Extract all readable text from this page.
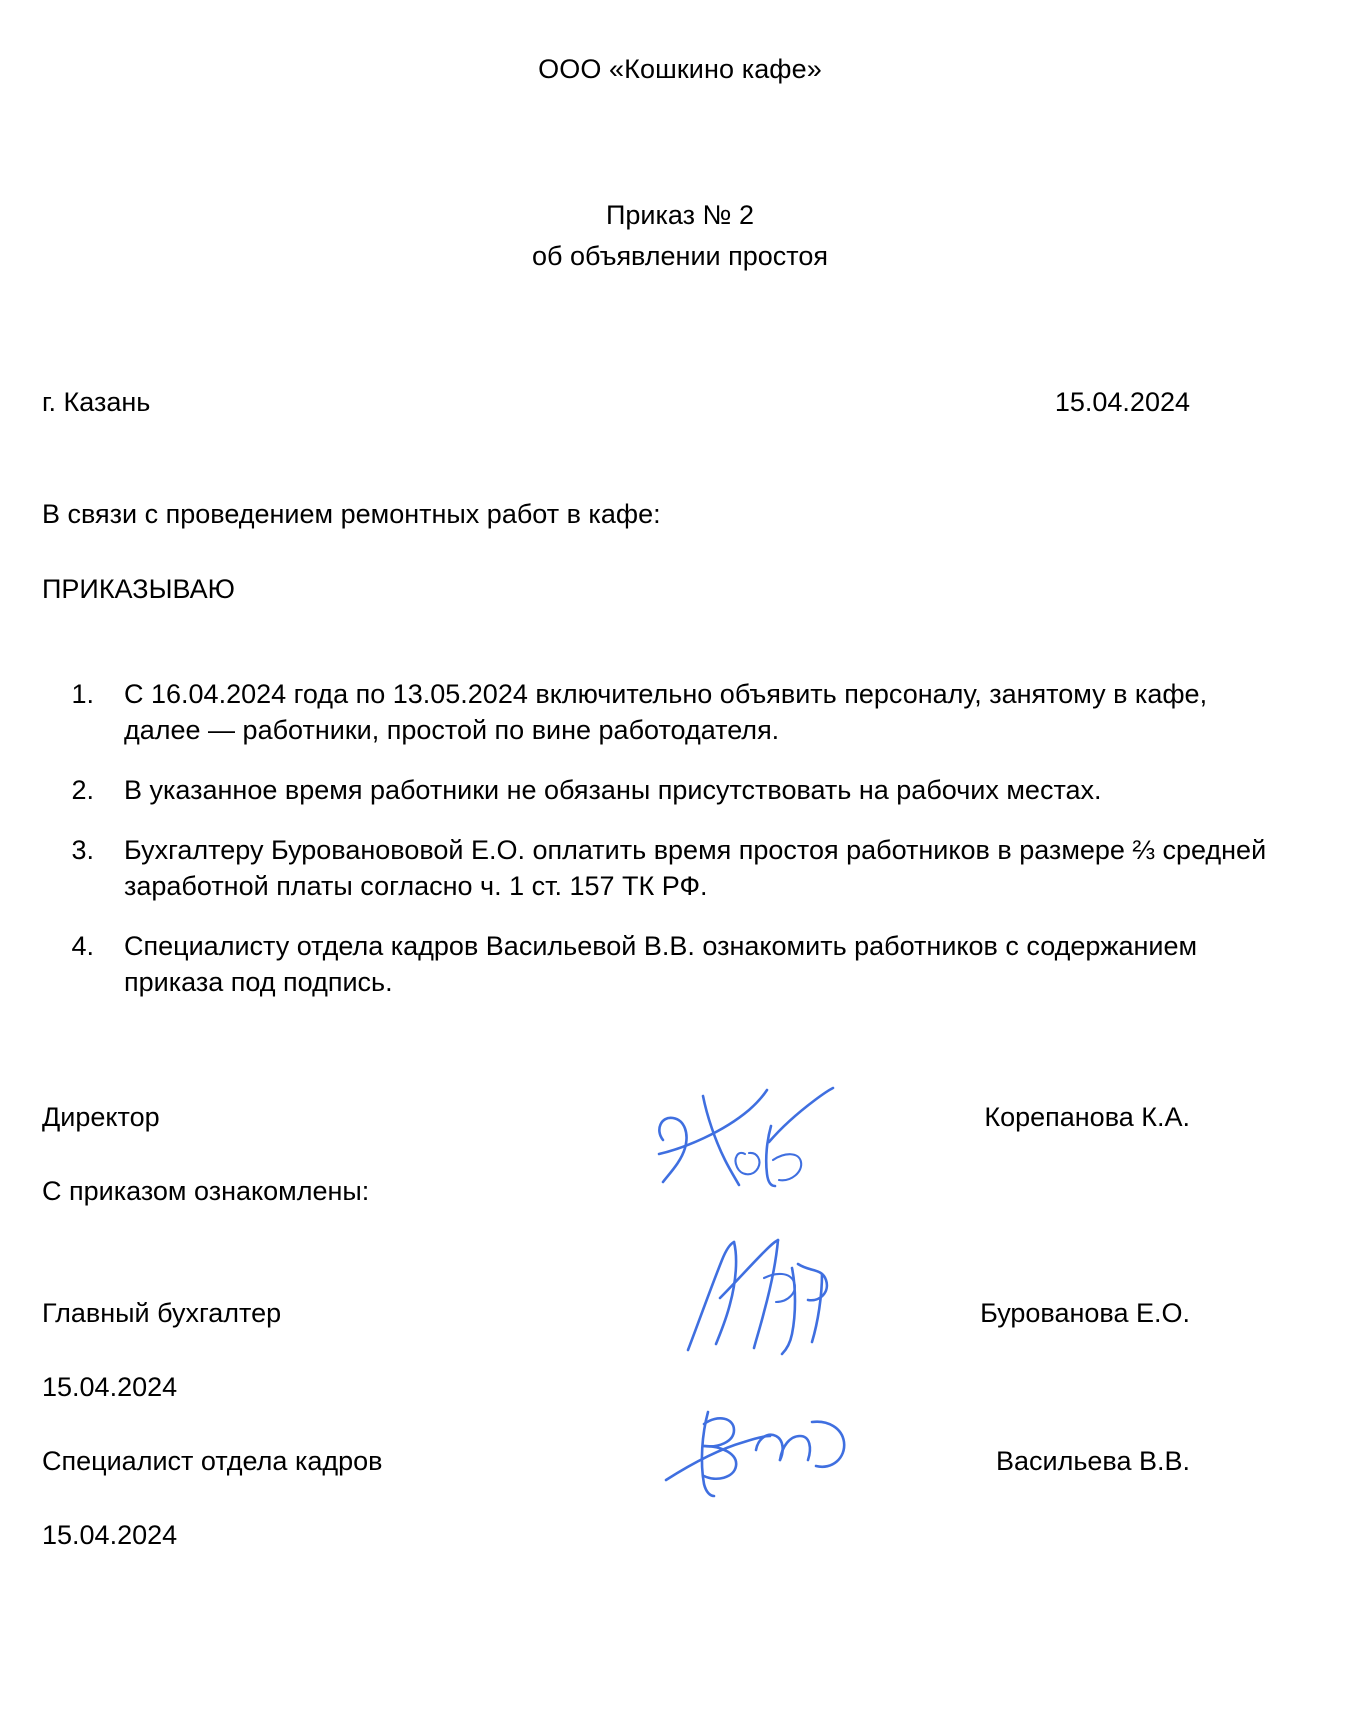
ООО «Кошкино кафе»
Приказ № 2
об объявлении простоя
г. Казань	15.04.2024
В связи с проведением ремонтных работ в кафе:
ПРИКАЗЫВАЮ
1.	С 16.04.2024 года по 13.05.2024 включительно объявить персоналу, занятому в кафе, далее — работники, простой по вине работодателя.
2.	В указанное время работники не обязаны присутствовать на рабочих местах.
3.	Бухгалтеру Бурованововой Е.О. оплатить время простоя работников в размере ⅔ средней заработной платы согласно ч. 1 ст. 157 ТК РФ.
4.	Специалисту отдела кадров Васильевой В.В. ознакомить работников с содержанием приказа под подпись.
Директор	Корепанова К.А.
С приказом ознакомлены:
Главный бухгалтер	Бурованова Е.О.
15.04.2024
Специалист отдела кадров	Васильева В.В.
15.04.2024
